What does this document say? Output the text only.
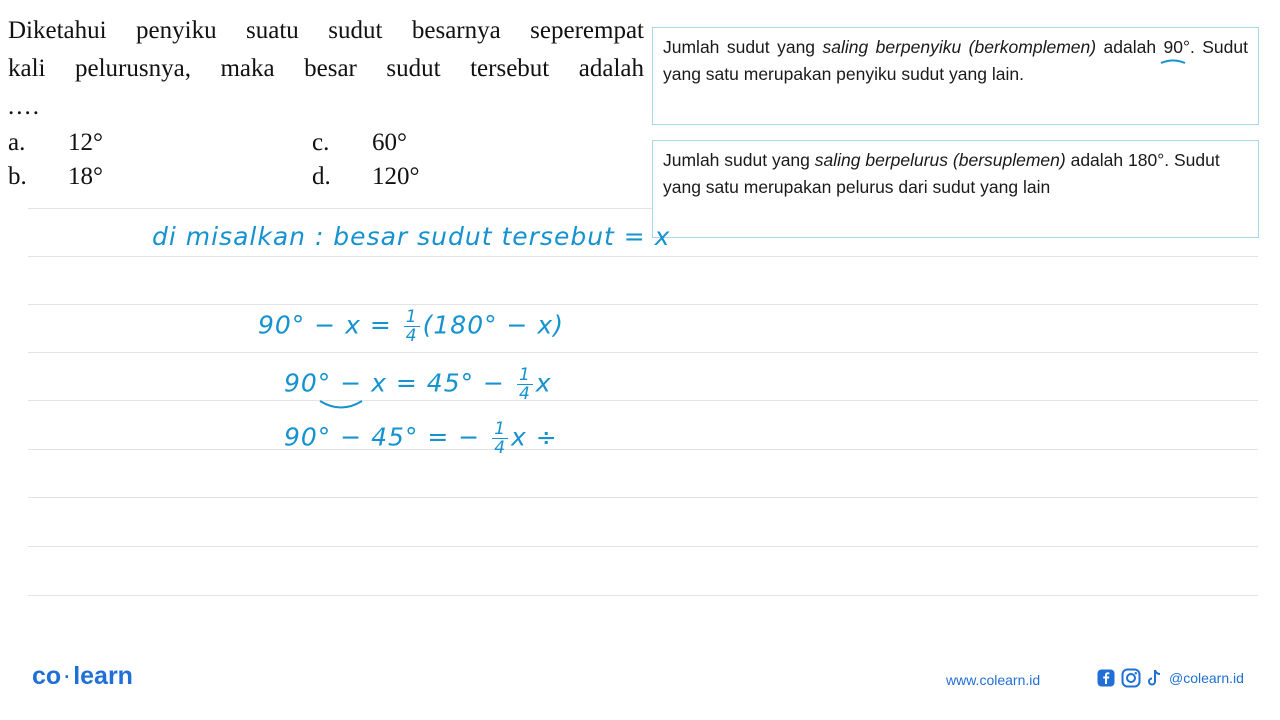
Diketahui penyiku suatu sudut besarnya seperempat
kali pelurusnya, maka besar sudut tersebut adalah
....
a. 12°
b. 18°
c. 60°
d. 120°
Jumlah sudut yang saling berpenyiku (berkomplemen) adalah 90°
. Sudut yang satu merupakan penyiku sudut yang lain.
Jumlah sudut yang saling berpelurus (bersuplemen) adalah 180°. Sudut yang satu merupakan pelurus dari sudut yang lain
di misalkan : besar sudut tersebut = x
$90^\circ - x = \frac{1}{4} (180^\circ - x)$
$90^\circ - x = 45^\circ - \frac{1}{4}$ x
90° − 45° = − $\frac{1}{4}$ x ÷
co · learn	www.colearn.id	@colearn.id
